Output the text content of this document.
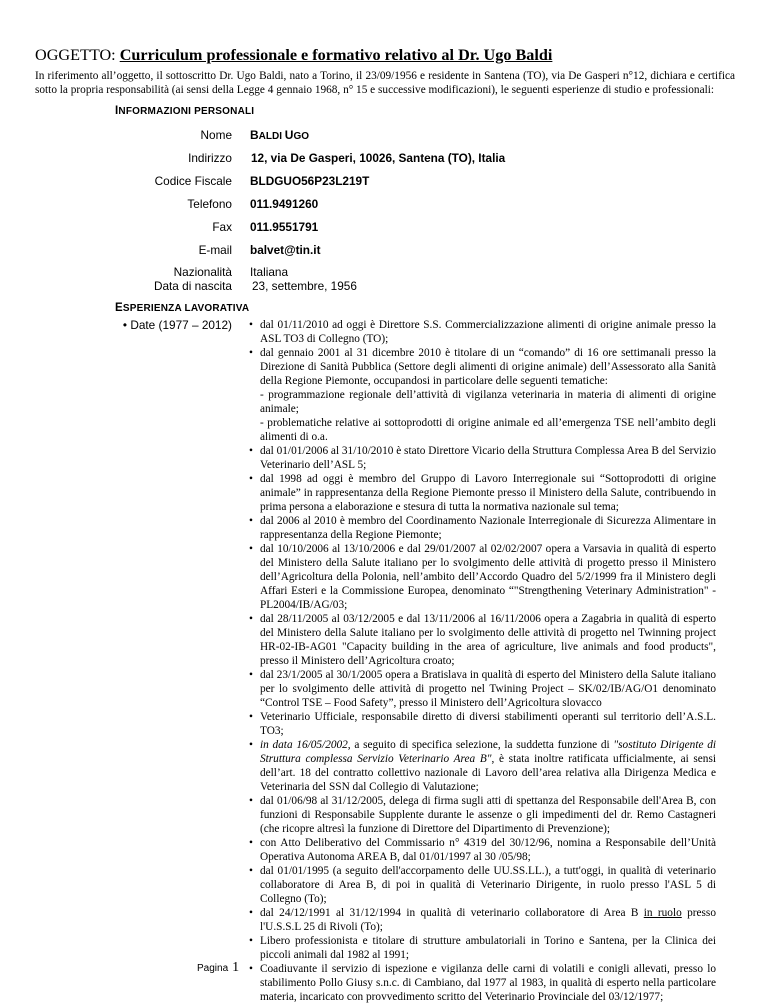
OGGETTO: Curriculum professionale e formativo relativo al Dr. Ugo Baldi
In riferimento all’oggetto, il sottoscritto Dr. Ugo Baldi, nato a Torino, il 23/09/1956 e residente in Santena (TO), via De Gasperi n°12, dichiara e certifica sotto la propria responsabilità (ai sensi della Legge 4 gennaio 1968, n° 15 e successive modificazioni), le seguenti esperienze di studio e professionali:
INFORMAZIONI PERSONALI
Nome BALDI UGO
Indirizzo 12, via De Gasperi, 10026, Santena (TO), Italia
Codice Fiscale BLDGUO56P23L219T
Telefono 011.9491260
Fax 011.9551791
E-mail balvet@tin.it
Nazionalità Italiana
Data di nascita 23, settembre, 1956
ESPERIENZA LAVORATIVA
• Date (1977 – 2012)
•	dal 01/11/2010 ad oggi è Direttore S.S. Commercializzazione alimenti di origine animale presso la ASL TO3 di Collegno (TO);
• dal gennaio 2001 al 31 dicembre 2010 è titolare di un “comando” di 16 ore settimanali presso la Direzione di Sanità Pubblica (Settore degli alimenti di origine animale) dell’Assessorato alla Sanità della Regione Piemonte, occupandosi in particolare delle seguenti tematiche:
- programmazione regionale dell’attività di vigilanza veterinaria in materia di alimenti di origine animale;
- problematiche relative ai sottoprodotti di origine animale ed all’emergenza TSE nell’ambito degli alimenti di o.a.
• dal 01/01/2006 al 31/10/2010 è stato Direttore Vicario della Struttura Complessa Area B del Servizio Veterinario dell’ASL 5;
• dal 1998 ad oggi è membro del Gruppo di Lavoro Interregionale sui “Sottoprodotti di origine animale” in rappresentanza della Regione Piemonte presso il Ministero della Salute, contribuendo in prima persona a elaborazione e stesura di tutta la normativa nazionale sul tema;
• dal 2006 al 2010 è membro del Coordinamento Nazionale Interregionale di Sicurezza Alimentare in rappresentanza della Regione Piemonte;
• dal 10/10/2006 al 13/10/2006 e dal 29/01/2007 al 02/02/2007 opera a Varsavia in qualità di esperto del Ministero della Salute italiano per lo svolgimento delle attività di progetto presso il Ministero dell’Agricoltura della Polonia, nell’ambito dell’Accordo Quadro del 5/2/1999 fra il Ministero degli Affari Esteri e la Commissione Europea, denominato “"Strengthening Veterinary Administration" - PL2004/IB/AG/03;
• dal 28/11/2005 al 03/12/2005 e dal 13/11/2006 al 16/11/2006 opera a Zagabria in qualità di esperto del Ministero della Salute italiano per lo svolgimento delle attività di progetto nel Twinning project HR-02-IB-AG01 "Capacity building in the area of agriculture, live animals and food products", presso il Ministero dell’Agricoltura croato;
• dal 23/1/2005 al 30/1/2005 opera a Bratislava in qualità di esperto del Ministero della Salute italiano per lo svolgimento delle attività di progetto nel Twining Project – SK/02/IB/AG/O1 denominato “Control TSE – Food Safety”, presso il Ministero dell’Agricoltura slovacco
• Veterinario Ufficiale, responsabile diretto di diversi stabilimenti operanti sul territorio dell’A.S.L. TO3;
• in data 16/05/2002, a seguito di specifica selezione, la suddetta funzione di "sostituto Dirigente di Struttura complessa Servizio Veterinario Area B", è stata inoltre ratificata ufficialmente, ai sensi dell’art. 18 del contratto collettivo nazionale di Lavoro dell’area relativa alla Dirigenza Medica e Veterinaria del SSN dal Collegio di Valutazione;
• dal 01/06/98 al 31/12/2005, delega di firma sugli atti di spettanza del Responsabile dell'Area B, con funzioni di Responsabile Supplente durante le assenze o gli impedimenti del dr. Remo Castagneri (che ricopre altresì la funzione di Direttore del Dipartimento di Prevenzione);
• con Atto Deliberativo del Commissario n° 4319 del 30/12/96, nomina a Responsabile dell’Unità Operativa Autonoma AREA B, dal 01/01/1997 al 30 /05/98;
• dal 01/01/1995 (a seguito dell'accorpamento delle UU.SS.LL.), a tutt'oggi, in qualità di veterinario collaboratore di Area B, di poi in qualità di Veterinario Dirigente, in ruolo presso l'ASL 5 di Collegno (To);
• dal 24/12/1991 al 31/12/1994 in qualità di veterinario collaboratore di Area B in ruolo presso l'U.S.S.L 25 di Rivoli (To);
• Libero professionista e titolare di strutture ambulatoriali in Torino e Santena, per la Clinica dei piccoli animali dal 1982 al 1991;
• Coadiuvante il servizio di ispezione e vigilanza delle carni di volatili e conigli allevati, presso lo stabilimento Pollo Giusy s.n.c. di Cambiano, dal 1977 al 1983, in qualità di esperto nella particolare materia, incaricato con provvedimento scritto del Veterinario Provinciale del 03/12/1977;
Pagina 1
